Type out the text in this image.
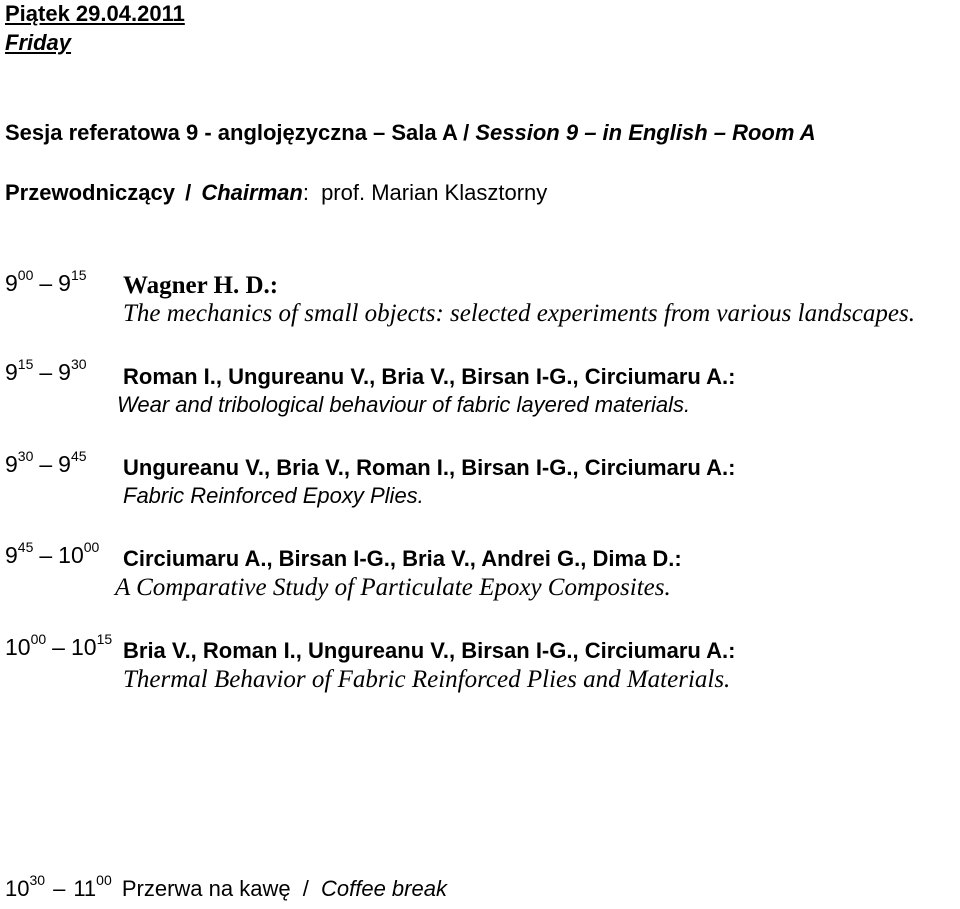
Piątek 29.04.2011
Friday
Sesja referatowa 9 - anglojęzyczna – Sala A / Session 9 – in English – Room A
Przewodniczący / Chairman: prof. Marian Klasztorny
$9^{00} - 9^{15}$ Wagner H. D.:
The mechanics of small objects: selected experiments from various landscapes.
$9^{15} - 9^{30}$ Roman I., Ungureanu V., Bria V., Birsan I-G., Circiumaru A.:
Wear and tribological behaviour of fabric layered materials.
$9^{30} - 9^{45}$ Ungureanu V., Bria V., Roman I., Birsan I-G., Circiumaru A.:
Fabric Reinforced Epoxy Plies.
$9^{45} - 10^{00}$ Circiumaru A., Birsan I-G., Bria V., Andrei G., Dima D.:
A Comparative Study of Particulate Epoxy Composites.
$10^{00} - 10^{15}$ Bria V., Roman I., Ungureanu V., Birsan I-G., Circiumaru A.:
Thermal Behavior of Fabric Reinforced Plies and Materials.
$10^{30} - 11^{00}$ Przerwa na kawę / Coffee break
